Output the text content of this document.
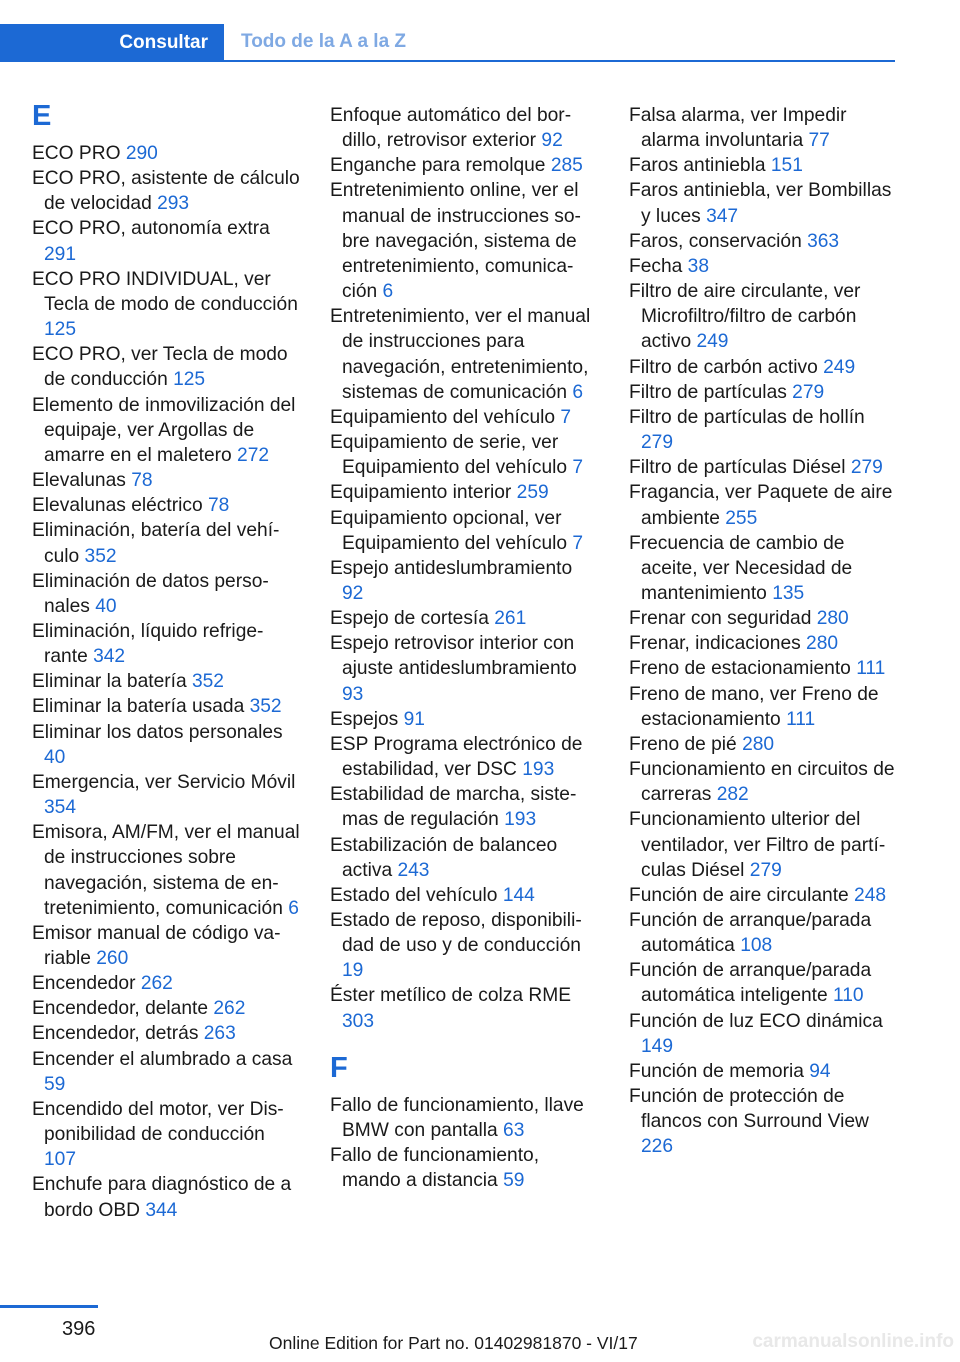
Consultar	Todo de la A a la Z
E
ECO PRO 290
ECO PRO, asistente de cálculo de velocidad 293
ECO PRO, autonomía extra 291
ECO PRO INDIVIDUAL, ver Tecla de modo de conducción 125
ECO PRO, ver Tecla de modo de conducción 125
Elemento de inmovilización del equipaje, ver Argollas de amarre en el maletero 272
Elevalunas 78
Elevalunas eléctrico 78
Eliminación, batería del vehículo 352
Eliminación de datos personales 40
Eliminación, líquido refrigerante 342
Eliminar la batería 352
Eliminar la batería usada 352
Eliminar los datos personales 40
Emergencia, ver Servicio Móvil 354
Emisora, AM/FM, ver el manual de instrucciones sobre navegación, sistema de entretenimiento, comunicación 6
Emisor manual de código variable 260
Encendedor 262
Encendedor, delante 262
Encendedor, detrás 263
Encender el alumbrado a casa 59
Encendido del motor, ver Disponibilidad de conducción 107
Enchufe para diagnóstico de a bordo OBD 344
Enfoque automático del bordillo, retrovisor exterior 92
Enganche para remolque 285
Entretenimiento online, ver el manual de instrucciones sobre navegación, sistema de entretenimiento, comunicación 6
Entretenimiento, ver el manual de instrucciones para navegación, entretenimiento, sistemas de comunicación 6
Equipamiento del vehículo 7
Equipamiento de serie, ver Equipamiento del vehículo 7
Equipamiento interior 259
Equipamiento opcional, ver Equipamiento del vehículo 7
Espejo antideslumbramiento 92
Espejo de cortesía 261
Espejo retrovisor interior con ajuste antideslumbramiento 93
Espejos 91
ESP Programa electrónico de estabilidad, ver DSC 193
Estabilidad de marcha, sistemas de regulación 193
Estabilización de balanceo activa 243
Estado del vehículo 144
Estado de reposo, disponibilidad de uso y de conducción 19
Éster metílico de colza RME 303
F
Fallo de funcionamiento, llave BMW con pantalla 63
Fallo de funcionamiento, mando a distancia 59
Falsa alarma, ver Impedir alarma involuntaria 77
Faros antiniebla 151
Faros antiniebla, ver Bombillas y luces 347
Faros, conservación 363
Fecha 38
Filtro de aire circulante, ver Microfiltro/filtro de carbón activo 249
Filtro de carbón activo 249
Filtro de partículas 279
Filtro de partículas de hollín 279
Filtro de partículas Diésel 279
Fragancia, ver Paquete de aire ambiente 255
Frecuencia de cambio de aceite, ver Necesidad de mantenimiento 135
Frenar con seguridad 280
Frenar, indicaciones 280
Freno de estacionamiento 111
Freno de mano, ver Freno de estacionamiento 111
Freno de pié 280
Funcionamiento en circuitos de carreras 282
Funcionamiento ulterior del ventilador, ver Filtro de partículas Diésel 279
Función de aire circulante 248
Función de arranque/parada automática 108
Función de arranque/parada automática inteligente 110
Función de luz ECO dinámica 149
Función de memoria 94
Función de protección de flancos con Surround View 226
396
Online Edition for Part no. 01402981870 - VI/17	carmanualsonline.info
